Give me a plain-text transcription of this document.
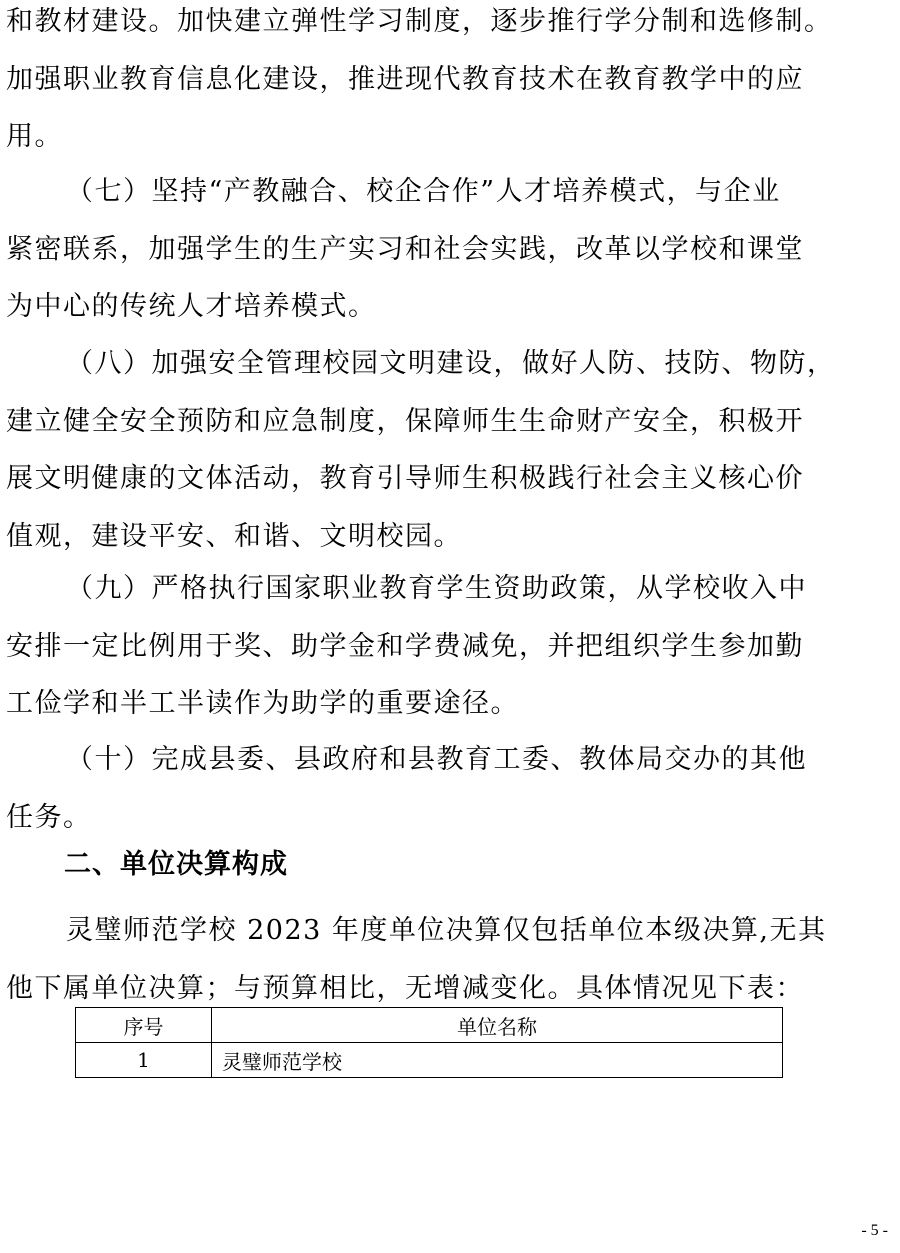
和教材建设。加快建立弹性学习制度，逐步推行学分制和选修制。
加强职业教育信息化建设，推进现代教育技术在教育教学中的应
用。

（七）坚持“产教融合、校企合作”人才培养模式，与企业
紧密联系，加强学生的生产实习和社会实践，改革以学校和课堂
为中心的传统人才培养模式。

（八）加强安全管理校园文明建设，做好人防、技防、物防，
建立健全安全预防和应急制度，保障师生生命财产安全，积极开
展文明健康的文体活动，教育引导师生积极践行社会主义核心价
值观，建设平安、和谐、文明校园。

（九）严格执行国家职业教育学生资助政策，从学校收入中
安排一定比例用于奖、助学金和学费减免，并把组织学生参加勤
工俭学和半工半读作为助学的重要途径。

（十）完成县委、县政府和县教育工委、教体局交办的其他
任务。

二、单位决算构成

灵璧师范学校 2023 年度单位决算仅包括单位本级决算,无其
他下属单位决算；与预算相比，无增减变化。具体情况见下表：

序号	单位名称
1	灵璧师范学校
- 5 -
